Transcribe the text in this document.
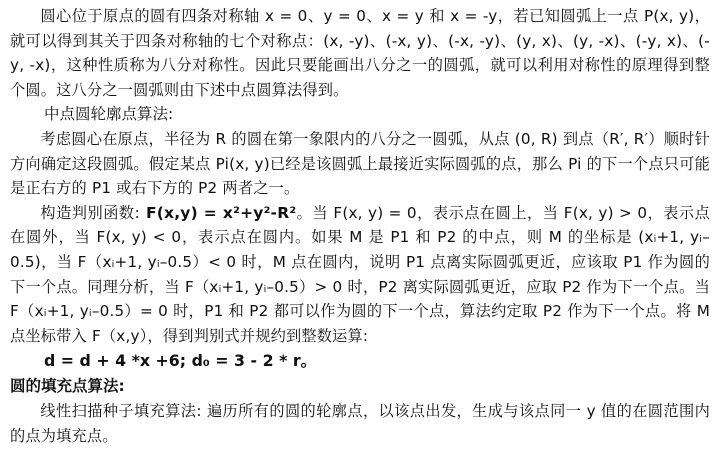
圆心位于原点的圆有四条对称轴 x = 0、y = 0、x = y 和 x = -y，若已知圆弧上一点 P(x, y)，就可以得到其关于四条对称轴的七个对称点：(x, -y)、(-x, y)、(-x, -y)、(y, x)、(y, -x)、(-y, x)、(-y, -x)，这种性质称为八分对称性。因此只要能画出八分之一的圆弧，就可以利用对称性的原理得到整个圆。这八分之一圆弧则由下述中点圆算法得到。

中点圆轮廓点算法:

考虑圆心在原点，半径为 R 的圆在第一象限内的八分之一圆弧，从点 (0, R) 到点（R′, R′）顺时针方向确定这段圆弧。假定某点 Pi(x, y)已经是该圆弧上最接近实际圆弧的点，那么 Pi 的下一个点只可能是正右方的 P1 或右下方的 P2 两者之一。

构造判别函数: F(x,y) = x²+y²-R²。当 F(x, y) = 0，表示点在圆上，当 F(x, y) > 0，表示点在圆外，当 F(x, y) < 0，表示点在圆内。如果 M 是 P1 和 P2 的中点，则 M 的坐标是 (xᵢ+1, yᵢ–0.5)，当 F（xᵢ+1, yᵢ–0.5）< 0 时，M 点在圆内，说明 P1 点离实际圆弧更近，应该取 P1 作为圆的下一个点。同理分析，当 F（xᵢ+1, yᵢ–0.5）> 0 时，P2 离实际圆弧更近，应取 P2 作为下一个点。当 F（xᵢ+1, yᵢ–0.5）= 0 时，P1 和 P2 都可以作为圆的下一个点，算法约定取 P2 作为下一个点。将 M 点坐标带入 F（x,y），得到判别式并规约到整数运算:

d = d + 4 *x +6; d₀ = 3 - 2 * r。

圆的填充点算法:

线性扫描种子填充算法: 遍历所有的圆的轮廓点，以该点出发，生成与该点同一 y 值的在圆范围内的点为填充点。
